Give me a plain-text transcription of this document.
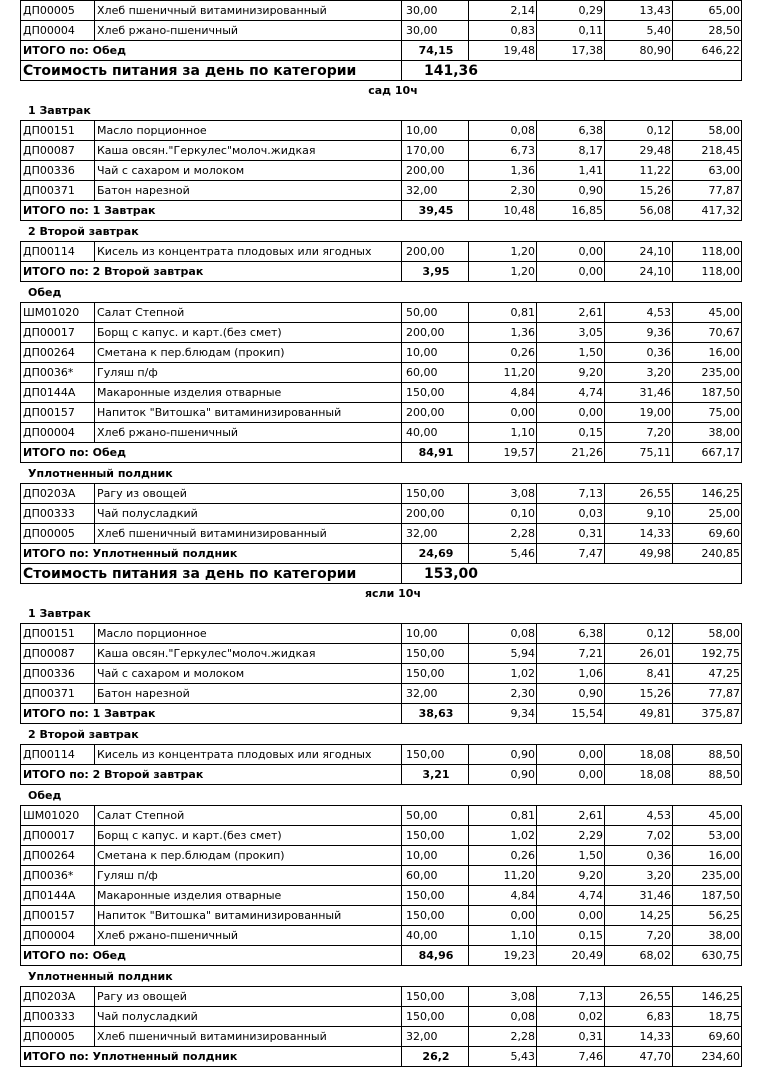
ДП00005	Хлеб пшеничный витаминизированный	30,00	2,14	0,29	13,43	65,00
ДП00004	Хлеб ржано-пшеничный	30,00	0,83	0,11	5,40	28,50
ИТОГО по: Обед		74,15	19,48	17,38	80,90	646,22
Стоимость питания за день по категории		141,36				
сад 10ч
1 Завтрак
ДП00151	Масло порционное	10,00	0,08	6,38	0,12	58,00
ДП00087	Каша овсян."Геркулес"молоч.жидкая	170,00	6,73	8,17	29,48	218,45
ДП00336	Чай с сахаром и молоком	200,00	1,36	1,41	11,22	63,00
ДП00371	Батон нарезной	32,00	2,30	0,90	15,26	77,87
ИТОГО по: 1 Завтрак		39,45	10,48	16,85	56,08	417,32
2 Второй завтрак
ДП00114	Кисель из концентрата плодовых или ягодных	200,00	1,20	0,00	24,10	118,00
ИТОГО по: 2 Второй завтрак		3,95	1,20	0,00	24,10	118,00
Обед
ШМ01020	Салат Степной	50,00	0,81	2,61	4,53	45,00
ДП00017	Борщ с капус. и карт.(без смет)	200,00	1,36	3,05	9,36	70,67
ДП00264	Сметана к пер.блюдам (прокип)	10,00	0,26	1,50	0,36	16,00
ДП0036*	Гуляш п/ф	60,00	11,20	9,20	3,20	235,00
ДП0144А	Макаронные изделия отварные	150,00	4,84	4,74	31,46	187,50
ДП00157	Напиток "Витошка" витаминизированный	200,00	0,00	0,00	19,00	75,00
ДП00004	Хлеб ржано-пшеничный	40,00	1,10	0,15	7,20	38,00
ИТОГО по: Обед		84,91	19,57	21,26	75,11	667,17
Уплотненный полдник
ДП0203А	Рагу из овощей	150,00	3,08	7,13	26,55	146,25
ДП00333	Чай полусладкий	200,00	0,10	0,03	9,10	25,00
ДП00005	Хлеб пшеничный витаминизированный	32,00	2,28	0,31	14,33	69,60
ИТОГО по: Уплотненный полдник		24,69	5,46	7,47	49,98	240,85
Стоимость питания за день по категории		153,00				
ясли 10ч
1 Завтрак
ДП00151	Масло порционное	10,00	0,08	6,38	0,12	58,00
ДП00087	Каша овсян."Геркулес"молоч.жидкая	150,00	5,94	7,21	26,01	192,75
ДП00336	Чай с сахаром и молоком	150,00	1,02	1,06	8,41	47,25
ДП00371	Батон нарезной	32,00	2,30	0,90	15,26	77,87
ИТОГО по: 1 Завтрак		38,63	9,34	15,54	49,81	375,87
2 Второй завтрак
ДП00114	Кисель из концентрата плодовых или ягодных	150,00	0,90	0,00	18,08	88,50
ИТОГО по: 2 Второй завтрак		3,21	0,90	0,00	18,08	88,50
Обед
ШМ01020	Салат Степной	50,00	0,81	2,61	4,53	45,00
ДП00017	Борщ с капус. и карт.(без смет)	150,00	1,02	2,29	7,02	53,00
ДП00264	Сметана к пер.блюдам (прокип)	10,00	0,26	1,50	0,36	16,00
ДП0036*	Гуляш п/ф	60,00	11,20	9,20	3,20	235,00
ДП0144А	Макаронные изделия отварные	150,00	4,84	4,74	31,46	187,50
ДП00157	Напиток "Витошка" витаминизированный	150,00	0,00	0,00	14,25	56,25
ДП00004	Хлеб ржано-пшеничный	40,00	1,10	0,15	7,20	38,00
ИТОГО по: Обед		84,96	19,23	20,49	68,02	630,75
Уплотненный полдник
ДП0203А	Рагу из овощей	150,00	3,08	7,13	26,55	146,25
ДП00333	Чай полусладкий	150,00	0,08	0,02	6,83	18,75
ДП00005	Хлеб пшеничный витаминизированный	32,00	2,28	0,31	14,33	69,60
ИТОГО по: Уплотненный полдник		26,2	5,43	7,46	47,70	234,60
